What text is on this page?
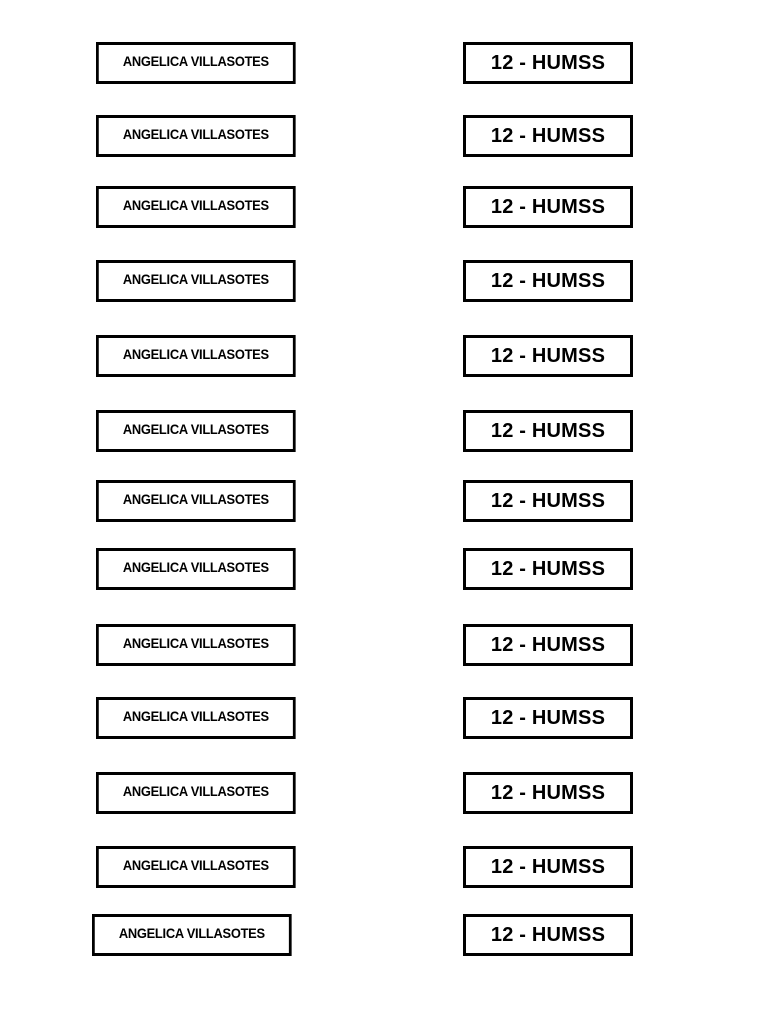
ANGELICA VILLASOTES	12 - HUMSS
ANGELICA VILLASOTES	12 - HUMSS
ANGELICA VILLASOTES	12 - HUMSS
ANGELICA VILLASOTES	12 - HUMSS
ANGELICA VILLASOTES	12 - HUMSS
ANGELICA VILLASOTES	12 - HUMSS
ANGELICA VILLASOTES	12 - HUMSS
ANGELICA VILLASOTES	12 - HUMSS
ANGELICA VILLASOTES	12 - HUMSS
ANGELICA VILLASOTES	12 - HUMSS
ANGELICA VILLASOTES	12 - HUMSS
ANGELICA VILLASOTES	12 - HUMSS
ANGELICA VILLASOTES	12 - HUMSS
